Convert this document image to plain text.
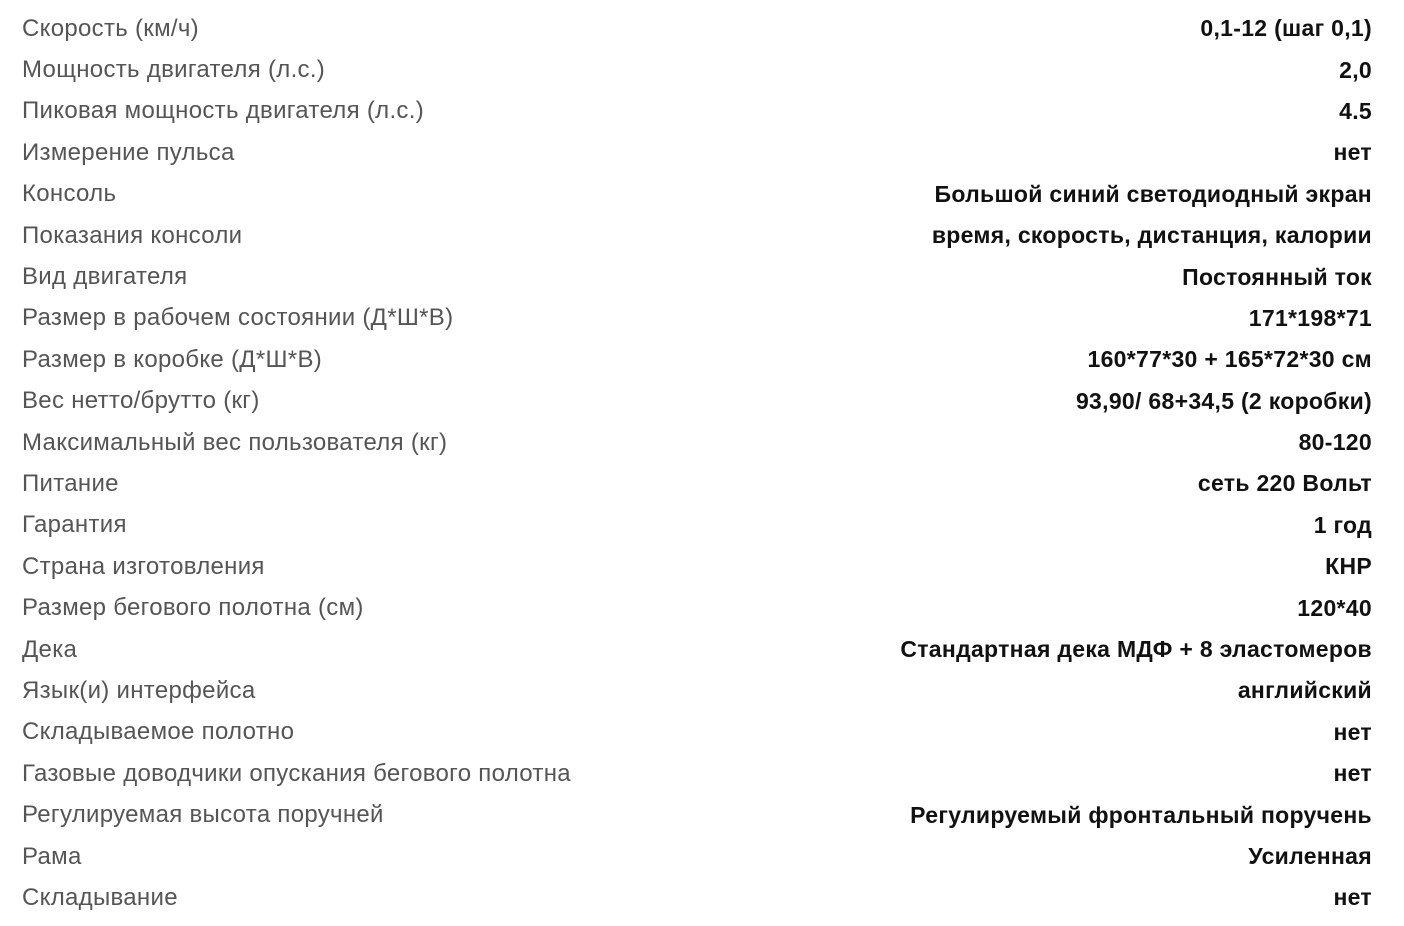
Скорость (км/ч)	0,1-12 (шаг 0,1)
Мощность двигателя (л.с.)	2,0
Пиковая мощность двигателя (л.с.)	4.5
Измерение пульса	нет
Консоль	Большой синий светодиодный экран
Показания консоли	время, скорость, дистанция, калории
Вид двигателя	Постоянный ток
Размер в рабочем состоянии (Д*Ш*В)	171*198*71
Размер в коробке (Д*Ш*В)	160*77*30 + 165*72*30 см
Вес нетто/брутто (кг)	93,90/ 68+34,5 (2 коробки)
Максимальный вес пользователя (кг)	80-120
Питание	сеть 220 Вольт
Гарантия	1 год
Страна изготовления	КНР
Размер бегового полотна (см)	120*40
Дека	Стандартная дека МДФ + 8 эластомеров
Язык(и) интерфейса	английский
Складываемое полотно	нет
Газовые доводчики опускания бегового полотна	нет
Регулируемая высота поручней	Регулируемый фронтальный поручень
Рама	Усиленная
Складывание	нет
